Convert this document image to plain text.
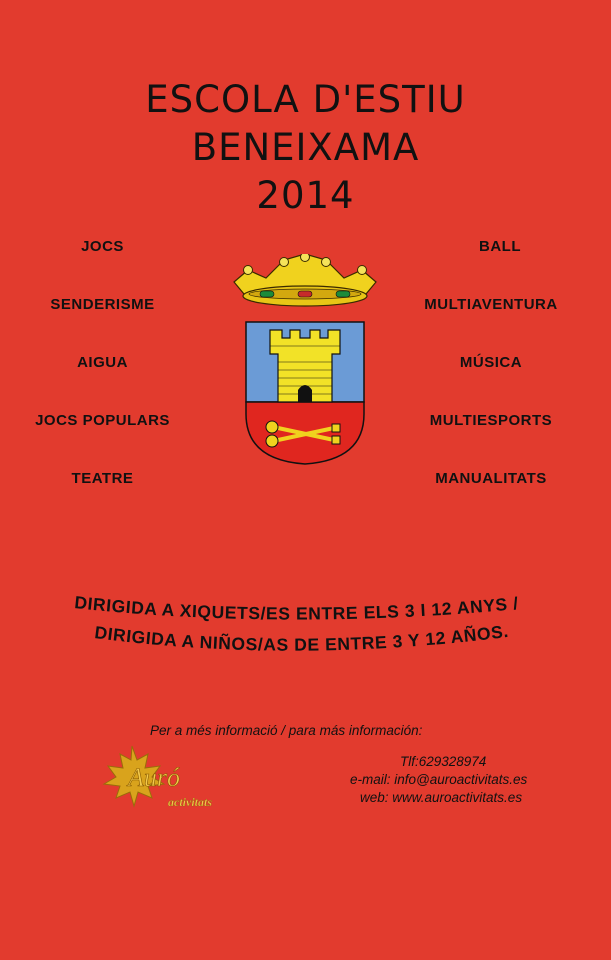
ESCOLA D'ESTIU
BENEIXAMA
2014
JOCS
SENDERISME
AIGUA
JOCS POPULARS
TEATRE
BALL
MULTIAVENTURA
MÚSICA
MULTIESPORTS
MANUALITATS
DIRIGIDA A XIQUETS/ES ENTRE ELS 3 I 12 ANYS /
DIRIGIDA A NIÑOS/AS DE ENTRE 3 Y 12 AÑOS.
Per a més informació / para más información:
Tlf:629328974
e-mail: info@auroactivitats.es
web: www.auroactivitats.es
Auró
activitats
